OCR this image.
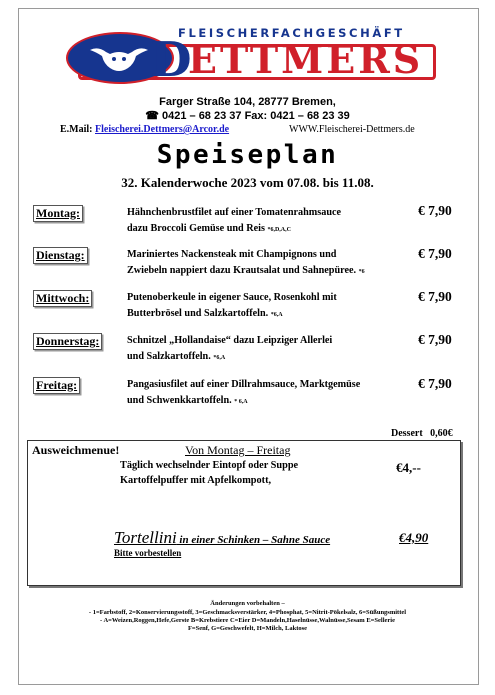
FLEISCHERFACHGESCHÄFT
D
ETTMERS
Farger Straße 104, 28777 Bremen,
☎ 0421 – 68 23 37 Fax: 0421 – 68 23 39
E.Mail: Fleischerei.Dettmers@Arcor.de	WWW.Fleischerei-Dettmers.de
Speiseplan
32. Kalenderwoche 2023 vom 07.08. bis 11.08.
Montag:	Hähnchenbrustfilet auf einer Tomatenrahmsauce
dazu Broccoli Gemüse und Reis *6,D,A,C
€ 7,90
Dienstag:	Mariniertes Nackensteak mit Champignons und
Zwiebeln nappiert dazu Krautsalat und Sahnepüree. *6
€ 7,90
Mittwoch:	Putenoberkeule in eigener Sauce, Rosenkohl mit
Butterbrösel und Salzkartoffeln. *6,A
€ 7,90
Donnerstag:	Schnitzel „Hollandaise“ dazu Leipziger Allerlei
und Salzkartoffeln. *6,A
€ 7,90
Freitag:	Pangasiusfilet auf einer Dillrahmsauce, Marktgemüse
und Schwenkkartoffeln. * 6,A
€ 7,90
Dessert   0,60€
Ausweichmenue!	Von Montag – Freitag
Täglich wechselnder Eintopf oder Suppe
Kartoffelpuffer mit Apfelkompott,
€4,--
Tortellini in einer Schinken – Sahne Sauce	€4,90
Bitte vorbestellen
Änderungen vorbehalten –
- 1=Farbstoff, 2=Konservierungsstoff, 3=Geschmacksverstärker, 4=Phosphat, 5=Nitrit-Pökelsalz, 6=Süßungsmittel
- A=Weizen,Roggen,Hefe,Gerste B=Krebstiere C=Eier D=Mandeln,Haselnüsse,Walnüsse,Sesam E=Sellerie
F=Senf, G=Geschwefelt, H=Milch, Laktose
